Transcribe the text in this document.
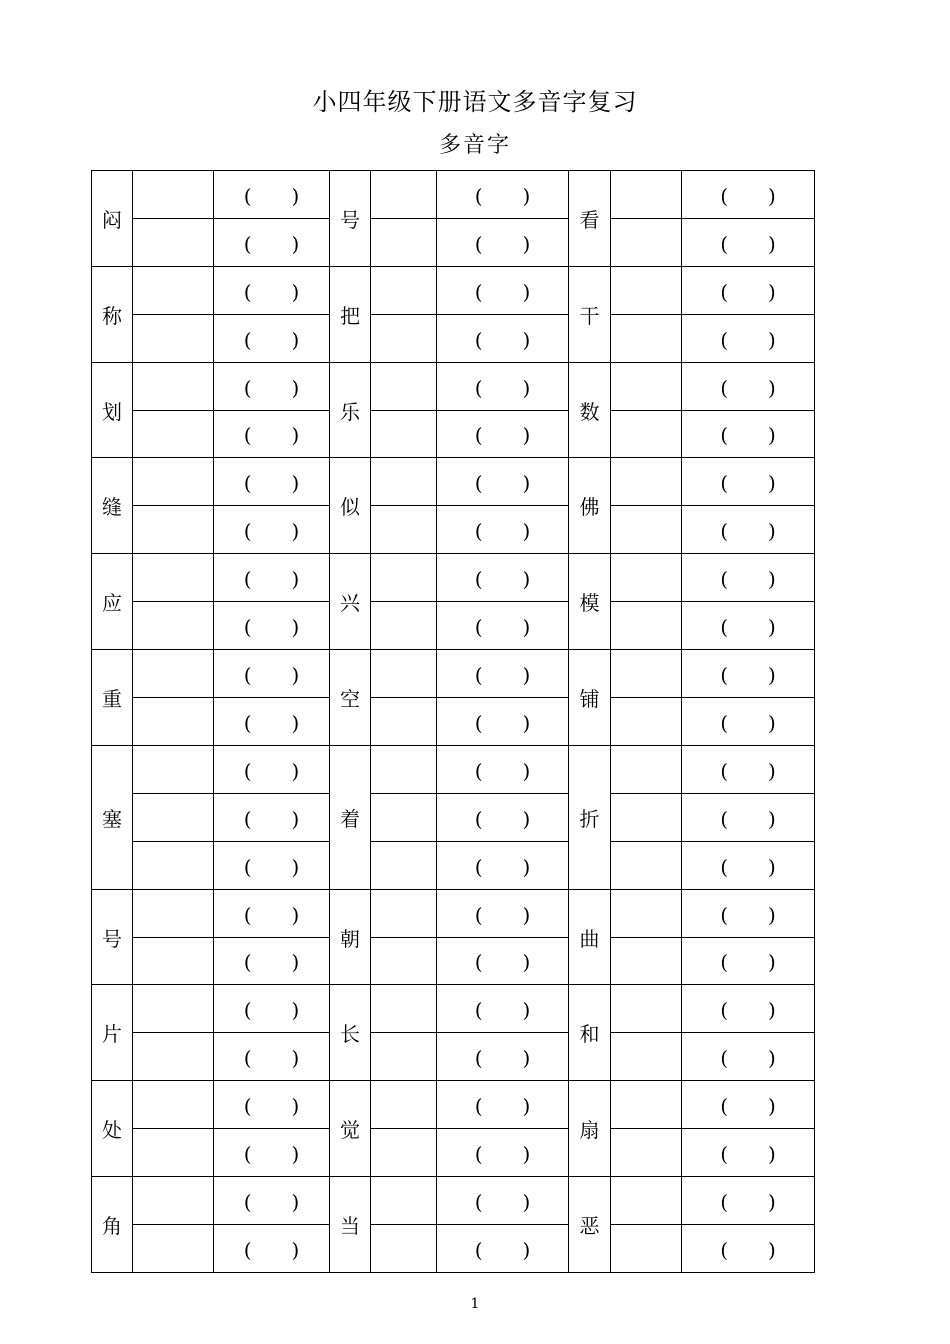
小四年级下册语文多音字复习
多音字
闷		(　　)	号		(　　)	看		(　　)
		(　　)			(　　)			(　　)
称		(　　)	把		(　　)	干		(　　)
		(　　)			(　　)			(　　)
划		(　　)	乐		(　　)	数		(　　)
		(　　)			(　　)			(　　)
缝		(　　)	似		(　　)	佛		(　　)
		(　　)			(　　)			(　　)
应		(　　)	兴		(　　)	模		(　　)
		(　　)			(　　)			(　　)
重		(　　)	空		(　　)	铺		(　　)
		(　　)			(　　)			(　　)
塞		(　　)	着		(　　)	折		(　　)
		(　　)			(　　)			(　　)
		(　　)			(　　)			(　　)
号		(　　)	朝		(　　)	曲		(　　)
		(　　)			(　　)			(　　)
片		(　　)	长		(　　)	和		(　　)
		(　　)			(　　)			(　　)
处		(　　)	觉		(　　)	扇		(　　)
		(　　)			(　　)			(　　)
角		(　　)	当		(　　)	恶		(　　)
		(　　)			(　　)			(　　)
1
